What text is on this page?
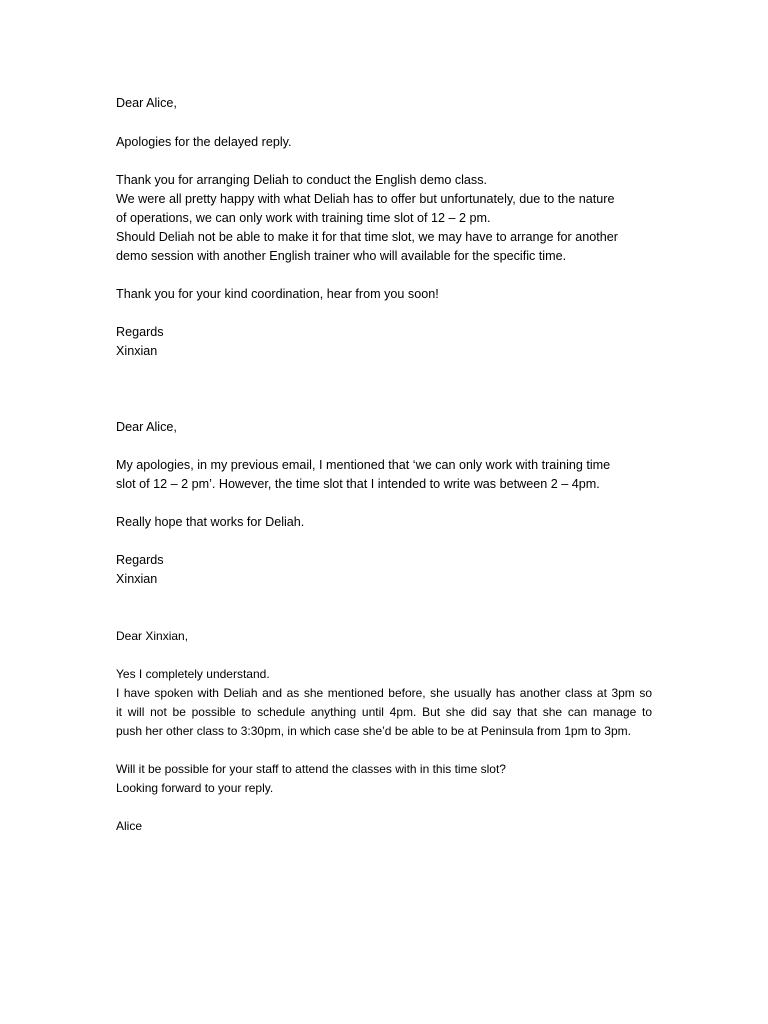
Dear Alice,
Apologies for the delayed reply.
Thank you for arranging Deliah to conduct the English demo class.
We were all pretty happy with what Deliah has to offer but unfortunately, due to the nature
of operations, we can only work with training time slot of 12 – 2 pm.
Should Deliah not be able to make it for that time slot, we may have to arrange for another
demo session with another English trainer who will available for the specific time.
Thank you for your kind coordination, hear from you soon!
Regards
Xinxian
Dear Alice,
My apologies, in my previous email, I mentioned that ‘we can only work with training time
slot of 12 – 2 pm’. However, the time slot that I intended to write was between 2 – 4pm.
Really hope that works for Deliah.
Regards
Xinxian
Dear Xinxian,
Yes I completely understand.
I have spoken with Deliah and as she mentioned before, she usually has another class at 3pm so
it will not be possible to schedule anything until 4pm. But she did say that she can manage to
push her other class to 3:30pm, in which case she’d be able to be at Peninsula from 1pm to 3pm.
Will it be possible for your staff to attend the classes with in this time slot?
Looking forward to your reply.
Alice
